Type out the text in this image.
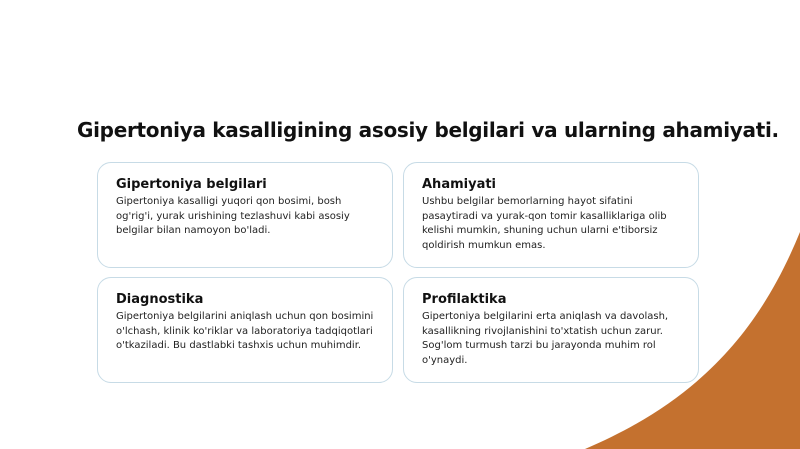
Gipertoniya kasalligining asosiy belgilari va ularning ahamiyati.
Gipertoniya belgilari

Gipertoniya kasalligi yuqori qon bosimi, bosh og'rig'i, yurak urishining tezlashuvi kabi asosiy belgilar bilan namoyon bo'ladi.

Ahamiyati

Ushbu belgilar bemorlarning hayot sifatini pasaytiradi va yurak-qon tomir kasalliklariga olib kelishi mumkin, shuning uchun ularni e'tiborsiz qoldirish mumkun emas.

Diagnostika

Gipertoniya belgilarini aniqlash uchun qon bosimini o'lchash, klinik ko'riklar va laboratoriya tadqiqotlari o'tkaziladi. Bu dastlabki tashxis uchun muhimdir.

Profilaktika

Gipertoniya belgilarini erta aniqlash va davolash, kasallikning rivojlanishini to'xtatish uchun zarur. Sog'lom turmush tarzi bu jarayonda muhim rol o'ynaydi.
